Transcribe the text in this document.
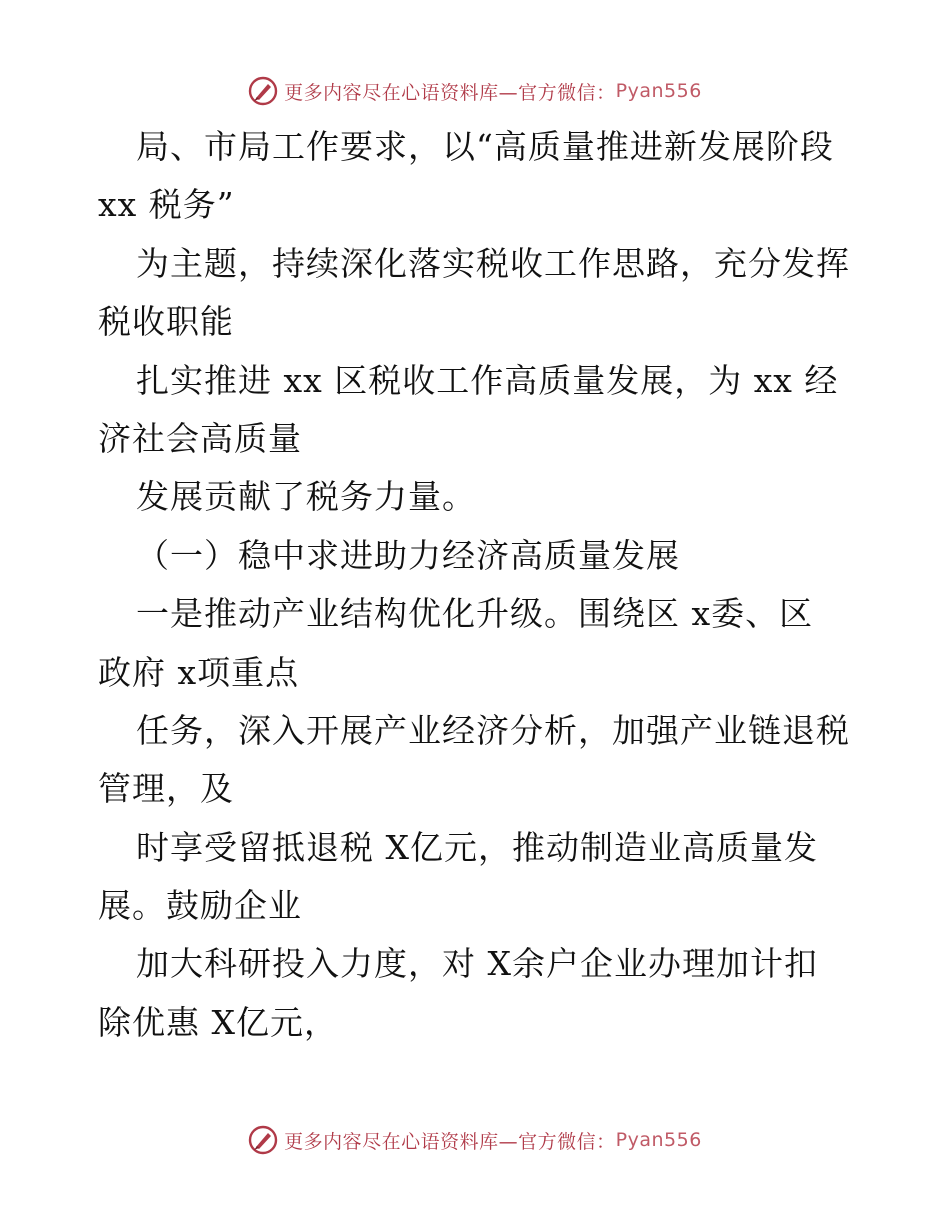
更多内容尽在心语资料库—官方微信： Pyan556
局、市局工作要求，以“高质量推进新发展阶段
xx 税务”
为主题，持续深化落实税收工作思路，充分发挥
税收职能
扎实推进 xx 区税收工作高质量发展，为 xx 经
济社会高质量
发展贡献了税务力量。
（一）稳中求进助力经济高质量发展
一是推动产业结构优化升级。围绕区 x委、区
政府 x项重点
任务，深入开展产业经济分析，加强产业链退税
管理，及
时享受留抵退税 X亿元，推动制造业高质量发
展。鼓励企业
加大科研投入力度，对 X余户企业办理加计扣
除优惠 X亿元，
更多内容尽在心语资料库—官方微信： Pyan556
